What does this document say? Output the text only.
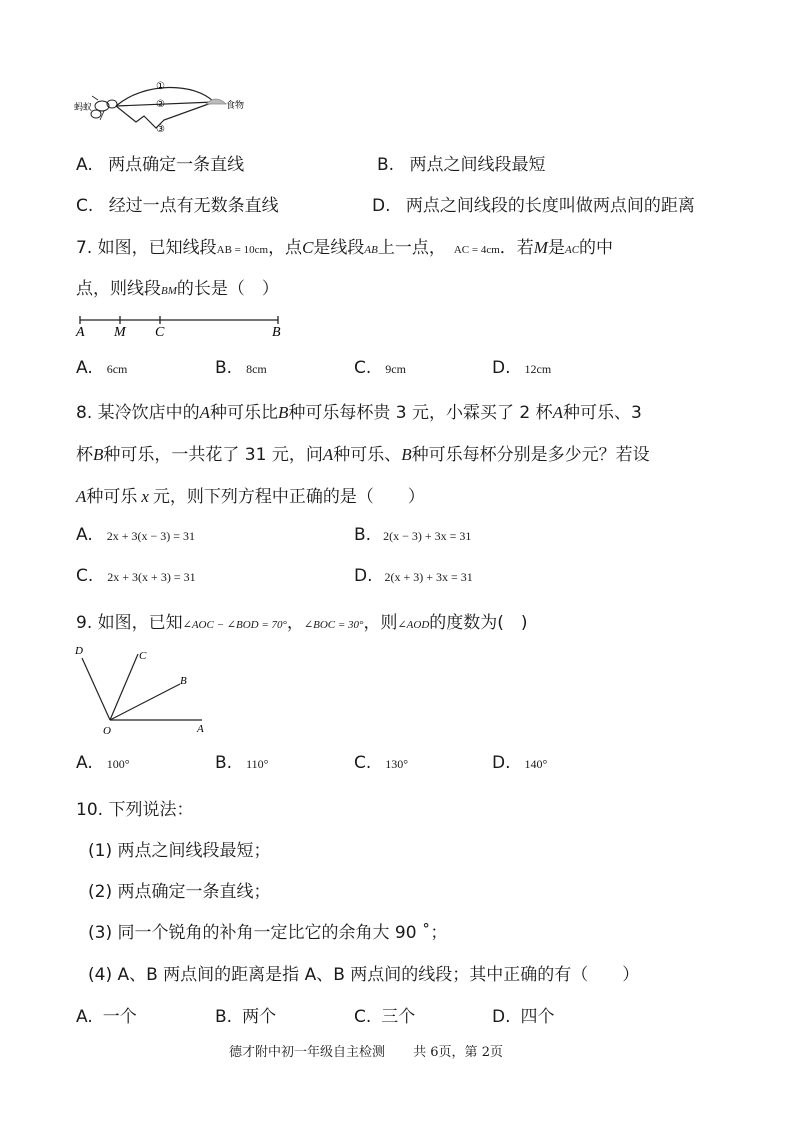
蚂蚁	食物
①
②
③
A. 两点确定一条直线	B. 两点之间线段最短
C. 经过一点有无数条直线	D. 两点之间线段的长度叫做两点间的距离
7. 如图，已知线段AB = 10cm，点C是线段AB上一点， AC = 4cm．若M是AC的中
点，则线段BM的长是（　）
A M C	B
A. 6cm	B. 8cm	C. 9cm	D. 12cm
8. 某冷饮店中的A种可乐比B种可乐每杯贵 3 元，小霖买了 2 杯A种可乐、3
杯B种可乐，一共花了 31 元，问A种可乐、B种可乐每杯分别是多少元？若设
A种可乐 x 元，则下列方程中正确的是（　　）
A. 2x + 3(x − 3) = 31	B. 2(x − 3) + 3x = 31
C. 2x + 3(x + 3) = 31	D. 2(x + 3) + 3x = 31
9. 如图，已知∠AOC − ∠BOD = 70°，∠BOC = 30°，则∠AOD的度数为(　)
D	C
B
O	A
A. 100°	B. 110°	C. 130°	D. 140°
10. 下列说法：
(1) 两点之间线段最短；
(2) 两点确定一条直线；
(3) 同一个锐角的补角一定比它的余角大 90 ˚；
(4) A、B 两点间的距离是指 A、B 两点间的线段；其中正确的有（　　）
A. 一个	B. 两个	C. 三个	D. 四个
德才附中初一年级自主检测 共 6页，第 2页
